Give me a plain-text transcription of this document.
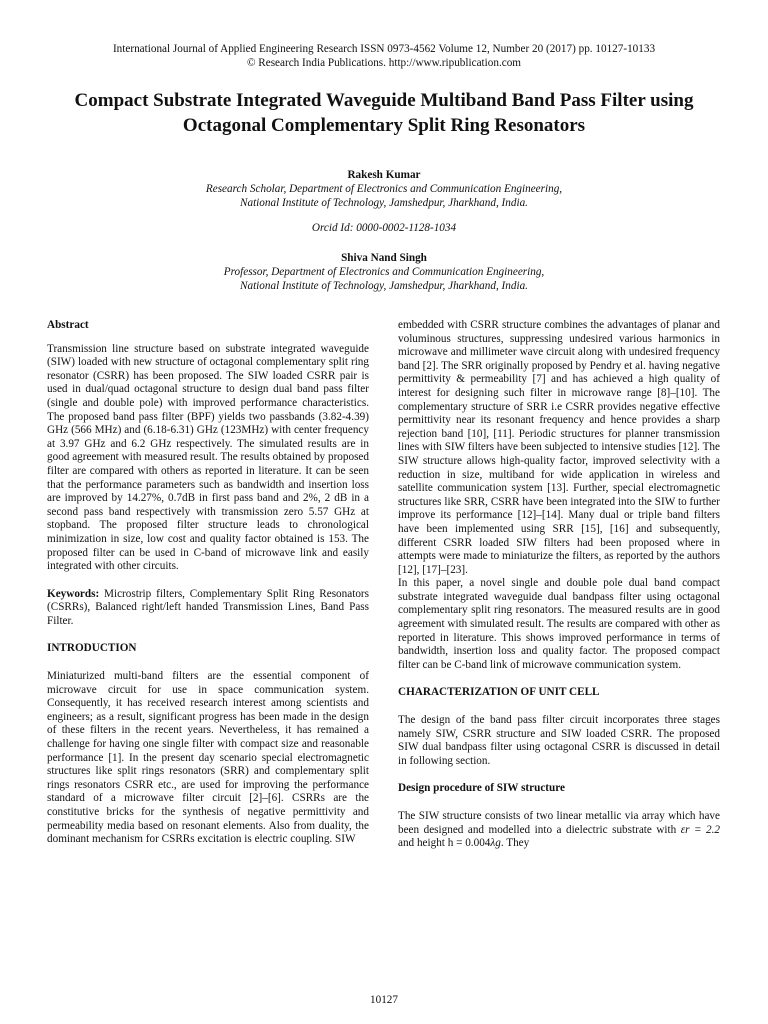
International Journal of Applied Engineering Research ISSN 0973-4562 Volume 12, Number 20 (2017) pp. 10127-10133
© Research India Publications. http://www.ripublication.com
Compact Substrate Integrated Waveguide Multiband Band Pass Filter using
Octagonal Complementary Split Ring Resonators
Rakesh Kumar
Research Scholar, Department of Electronics and Communication Engineering,
National Institute of Technology, Jamshedpur, Jharkhand, India.
Orcid Id: 0000-0002-1128-1034
Shiva Nand Singh
Professor, Department of Electronics and Communication Engineering,
National Institute of Technology, Jamshedpur, Jharkhand, India.

Abstract

Transmission line structure based on substrate integrated waveguide (SIW) loaded with new structure of octagonal complementary split ring resonator (CSRR) has been proposed. The SIW loaded CSRR pair is used in dual/quad octagonal structure to design dual band pass filter (single and double pole) with improved performance characteristics. The proposed band pass filter (BPF) yields two passbands (3.82-4.39) GHz (566 MHz) and (6.18-6.31) GHz (123MHz) with center frequency at 3.97 GHz and 6.2 GHz respectively. The simulated results are in good agreement with measured result. The results obtained by proposed filter are compared with others as reported in literature. It can be seen that the performance parameters such as bandwidth and insertion loss are improved by 14.27%, 0.7dB in first pass band and 2%, 2 dB in a second pass band respectively with transmission zero 5.57 GHz at stopband. The proposed filter structure leads to chronological minimization in size, low cost and quality factor obtained is 153. The proposed filter can be used in C-band of microwave link and easily integrated with other circuits.

Keywords: Microstrip filters, Complementary Split Ring Resonators (CSRRs), Balanced right/left handed Transmission Lines, Band Pass Filter.

INTRODUCTION

Miniaturized multi-band filters are the essential component of microwave circuit for use in space communication system. Consequently, it has received research interest among scientists and engineers; as a result, significant progress has been made in the design of these filters in the recent years. Nevertheless, it has remained a challenge for having one single filter with compact size and reasonable performance [1]. In the present day scenario special electromagnetic structures like split rings resonators (SRR) and complementary split rings resonators CSRR etc., are used for improving the performance standard of a microwave filter circuit [2]–[6]. CSRRs are the constitutive bricks for the synthesis of negative permittivity and permeability media based on resonant elements. Also from duality, the dominant mechanism for CSRRs excitation is electric coupling. SIW

embedded with CSRR structure combines the advantages of planar and voluminous structures, suppressing undesired various harmonics in microwave and millimeter wave circuit along with undesired frequency band [2]. The SRR originally proposed by Pendry et al. having negative permittivity & permeability [7] and has achieved a high quality of interest for designing such filter in microwave range [8]–[10]. The complementary structure of SRR i.e CSRR provides negative effective permittivity near its resonant frequency and hence provides a sharp rejection band [10], [11]. Periodic structures for planner transmission lines with SIW filters have been subjected to intensive studies [12]. The SIW structure allows high-quality factor, improved selectivity with a reduction in size, multiband for wide application in wireless and satellite communication system [13]. Further, special electromagnetic structures like SRR, CSRR have been integrated into the SIW to further improve its performance [12]–[14]. Many dual or triple band filters have been implemented using SRR [15], [16] and subsequently, different CSRR loaded SIW filters had been proposed where in attempts were made to miniaturize the filters, as reported by the authors [12], [17]–[23].

In this paper, a novel single and double pole dual band compact substrate integrated waveguide dual bandpass filter using octagonal complementary split ring resonators. The measured results are in good agreement with simulated result. The results are compared with other as reported in literature. This shows improved performance in terms of bandwidth, insertion loss and quality factor. The proposed compact filter can be C-band link of microwave communication system.

CHARACTERIZATION OF UNIT CELL

The design of the band pass filter circuit incorporates three stages namely SIW, CSRR structure and SIW loaded CSRR. The proposed SIW dual bandpass filter using octagonal CSRR is discussed in detail in following section.

Design procedure of SIW structure

The SIW structure consists of two linear metallic via array which have been designed and modelled into a dielectric substrate with εr = 2.2 and height h = 0.004λg. They

10127
